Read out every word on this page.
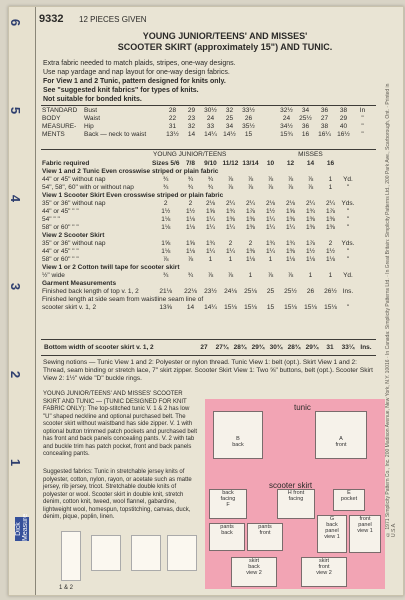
6
5
4
3
2
1
Dick Measure
9332 12 PIECES GIVEN
YOUNG JUNIOR/TEENS' AND MISSES'
SCOOTER SKIRT (approximately 15") AND TUNIC.
Extra fabric needed to match plaids, stripes, one-way designs.
Use nap yardage and nap layout for one-way design fabrics.
For View 1 and 2 Tunic, pattern designed for knits only.
See "suggested knit fabrics" for types of knits.
Not suitable for bonded knits.
STANDARD	Bust	28	29	30½	32	33½		32½	34	36	38	In
BODY	Waist	22	23	24	25	26		24	25½	27	29	"
MEASURE-	Hip	31	32	33	34	35½		34½	36	38	40	"
MENTS	Back — neck to waist	13½	14	14¼	14½	15		15¾	16	16¼	16½	"
YOUNG JUNIOR/TEENS	MISSES
Fabric required	Sizes 5/6	7/8	9/10	11/12	13/14	10	12	14	16	
View 1 and 2 Tunic Even crosswise striped or plain fabric										
44" or 45" without nap	¾	¾	¾	⅞	⅞	⅞	⅞	⅞	1	Yd.
54", 58", 60" with or without nap	¾	¾	¾	⅞	⅞	⅞	⅞	⅞	1	"
View 1 Scooter Skirt Even crosswise striped or plain fabric										
35" or 36" without nap	2	2	2⅛	2¼	2¼	2⅛	2⅛	2¼	2¼	Yds.
44" or 45" " "	1½	1½	1⅝	1¾	1⅞	1½	1⅝	1¾	1⅞	"
54" " "	1⅛	1⅛	1¼	1⅜	1⅜	1¼	1⅜	1⅜	1⅜	"
58" or 60" " "	1⅛	1⅛	1¼	1¼	1⅜	1¼	1¼	1⅜	1⅜	"
View 2 Scooter Skirt										
35" or 36" without nap	1⅝	1⅝	1¾	2	2	1¾	1¾	1⅞	2	Yds.
44" or 45" " "	1⅛	1⅛	1¼	1¼	1⅜	1¼	1⅜	1½	1½	"
58" or 60" " "	⅞	⅞	1	1	1⅛	1	1⅛	1⅛	1⅛	"
View 1 or 2 Cotton twill tape for scooter skirt										
½" wide	¾	¾	⅞	⅞	1	⅞	⅞	1	1	Yd.
Garment Measurements										
Finished back length of top v. 1, 2	21⅛	22⅛	23½	24⅛	25⅛	25	25½	26	26½	Ins.
Finished length at side seam from waistline seam line of										
scooter skirt v. 1, 2	13⅝	14	14¼	15⅛	15⅛	15	15⅛	15⅛	15⅛	"
Bottom width of scooter skirt v. 1, 2	27	27¾	28¾	29¾	30¾	28¾	29¾	31	33¼	Ins.
Sewing notions — Tunic View 1 and 2: Polyester or nylon thread. Tunic View 1: belt (opt.). Skirt View 1 and 2: Thread, seam binding or stretch lace, 7" skirt zipper. Scooter Skirt View 1: Two ⅝" buttons, belt (opt.). Scooter Skirt View 2: 1½" wide "D" buckle rings.
YOUNG JUNIOR/TEENS' AND MISSES' SCOOTER SKIRT AND TUNIC — (TUNIC DESIGNED FOR KNIT FABRIC ONLY): The top-stitched tunic V. 1 & 2 has low "U" shaped neckline and optional purchased belt. The scooter skirt without waistband has side zipper. V. 1 with optional button trimmed patch pockets and purchased belt has front and back panels concealing pants. V. 2 with tab and buckle trim has patch pocket, front and back panels concealing pants.
Suggested fabrics: Tunic in stretchable jersey knits of polyester, cotton, nylon, rayon, or acetate such as matte jersey, rib jersey, tricot. Stretchable double knits of polyester or wool. Scooter skirt in double knit, stretch denim, cotton knit, tweed, wool flannel, gabardine, lightweight wool, homespun, topstitching, canvas, duck, denim, pique, poplin, linen.	© 1971 Simplicity Pattern Co., Inc. 200 Madison Avenue, New York, N.Y. 10016 · In Canada: Simplicity Patterns Ltd. · In Great Britain: Simplicity Patterns Ltd., 200 Park Ave., Scarborough, Ont. · Printed in U.S.A.
1 & 2
B
back
A
front
back
facing
F
H front
facing
E
pocket
pants
back
pants
front
G
back
panel
view 1
front
panel
view 1
skirt
back
view 2
skirt
front
view 2
tunic
scooter skirt
